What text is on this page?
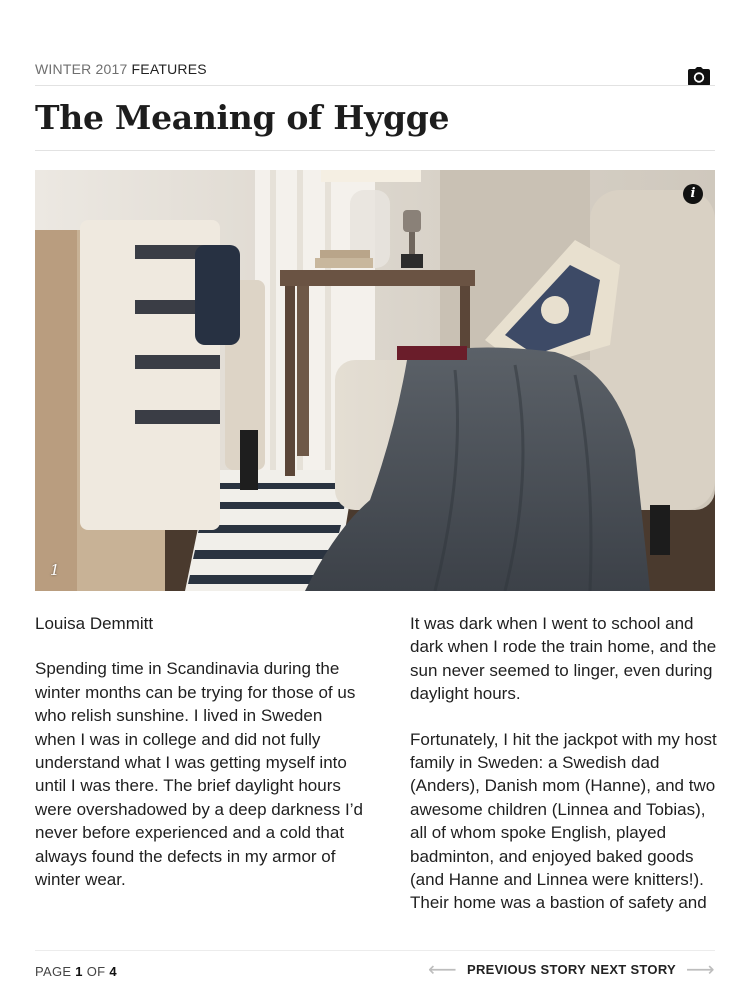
WINTER 2017 FEATURES
The Meaning of Hygge
i
1
Louisa Demmitt

Spending time in Scandinavia during the winter months can be trying for those of us who relish sunshine. I lived in Sweden when I was in college and did not fully understand what I was getting myself into until I was there. The brief daylight hours were overshadowed by a deep darkness I’d never before experienced and a cold that always found the defects in my armor of winter wear.

It was dark when I went to school and dark when I rode the train home, and the sun never seemed to linger, even during daylight hours.

Fortunately, I hit the jackpot with my host family in Sweden: a Swedish dad (Anders), Danish mom (Hanne), and two awesome children (Linnea and Tobias), all of whom spoke English, played badminton, and enjoyed baked goods (and Hanne and Linnea were knitters!). Their home was a bastion of safety and

PAGE 1 OF 4	⟵ PREVIOUS STORY NEXT STORY ⟶
